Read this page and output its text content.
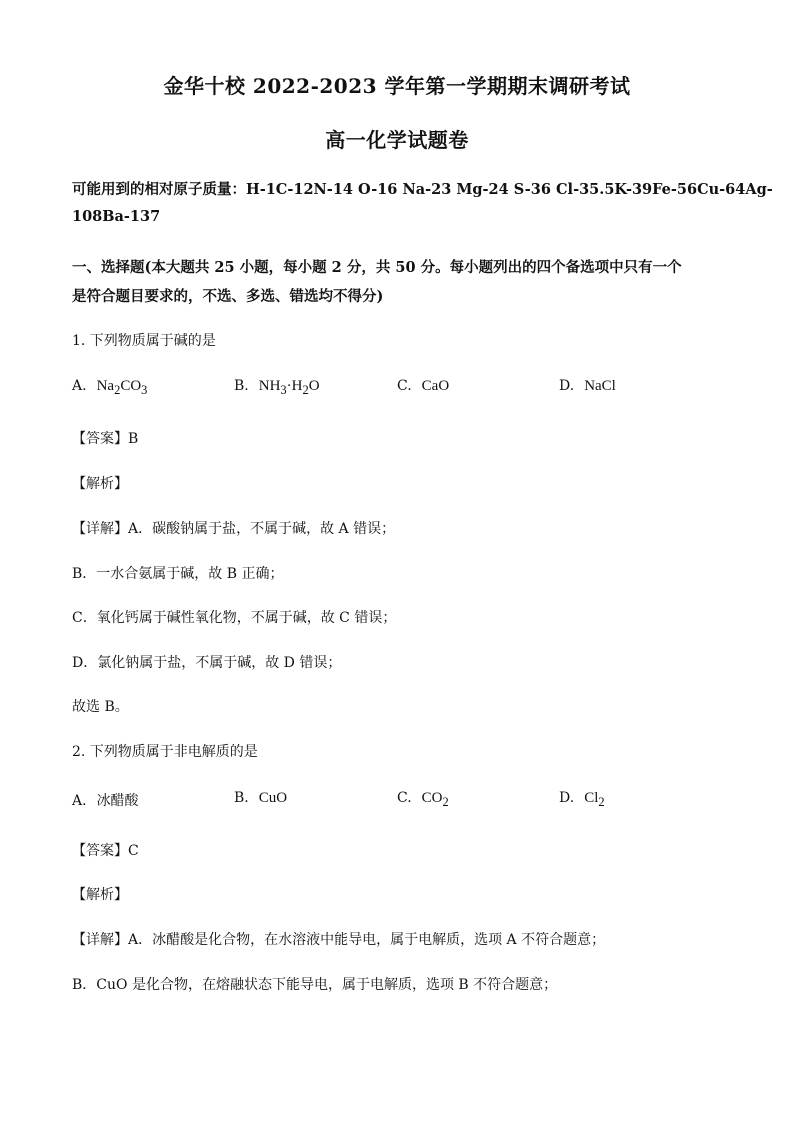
金华十校 2022-2023 学年第一学期期末调研考试
高一化学试题卷
可能用到的相对原子质量：H-1C-12N-14 O-16 Na-23 Mg-24 S-36 Cl-35.5K-39Fe-56Cu-64Ag-
108Ba-137
一、选择题(本大题共 25 小题，每小题 2 分，共 50 分。每小题列出的四个备选项中只有一个
是符合题目要求的，不选、多选、错选均不得分)
1. 下列物质属于碱的是
A. $Na_2CO_3$	B. $NH_3\cdot H_2O$	C. CaO	D. NaCl
【答案】B
【解析】
【详解】A．碳酸钠属于盐，不属于碱，故 A 错误；
B．一水合氨属于碱，故 B 正确；
C．氧化钙属于碱性氧化物，不属于碱，故 C 错误；
D．氯化钠属于盐，不属于碱，故 D 错误；
故选 B。
2. 下列物质属于非电解质的是
A. 冰醋酸	B. CuO	C. $CO_2$	D. $Cl_2$
【答案】C
【解析】
【详解】A．冰醋酸是化合物，在水溶液中能导电，属于电解质，选项 A 不符合题意；
B．CuO 是化合物，在熔融状态下能导电，属于电解质，选项 B 不符合题意；
